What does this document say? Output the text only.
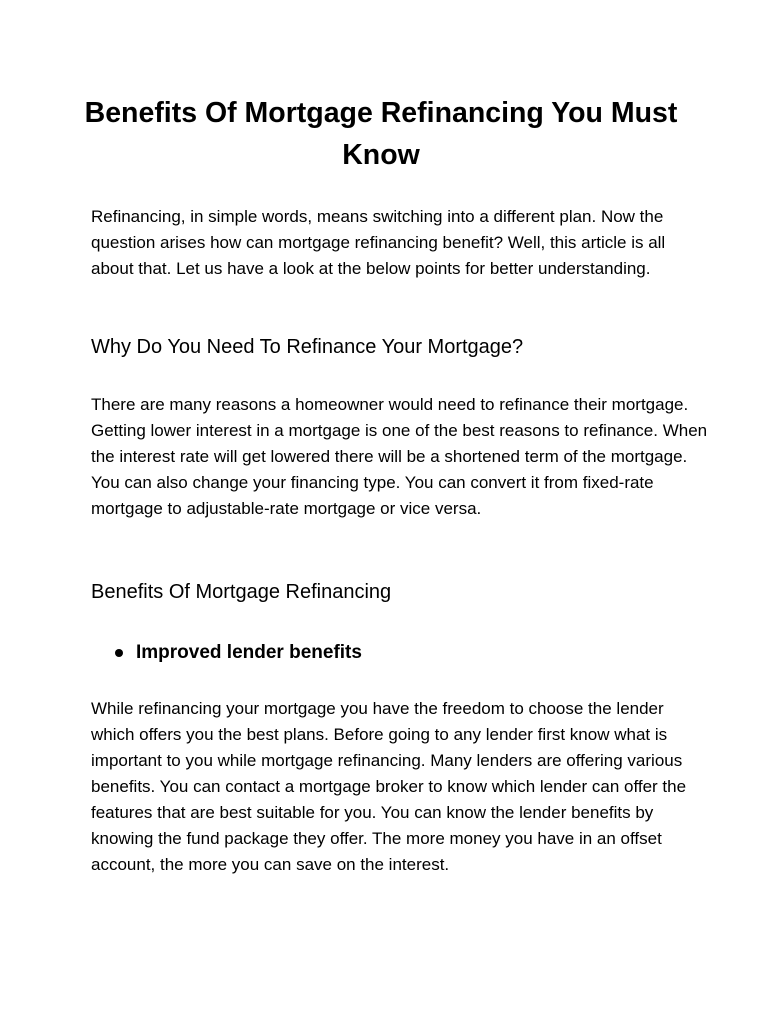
Benefits Of Mortgage Refinancing You Must Know

Refinancing, in simple words, means switching into a different plan. Now the question arises how can mortgage refinancing benefit? Well, this article is all about that. Let us have a look at the below points for better understanding.

Why Do You Need To Refinance Your Mortgage?

There are many reasons a homeowner would need to refinance their mortgage. Getting lower interest in a mortgage is one of the best reasons to refinance. When the interest rate will get lowered there will be a shortened term of the mortgage. You can also change your financing type. You can convert it from fixed-rate mortgage to adjustable-rate mortgage or vice versa.

Benefits Of Mortgage Refinancing
Improved lender benefits

While refinancing your mortgage you have the freedom to choose the lender which offers you the best plans. Before going to any lender first know what is important to you while mortgage refinancing. Many lenders are offering various benefits. You can contact a mortgage broker to know which lender can offer the features that are best suitable for you. You can know the lender benefits by knowing the fund package they offer. The more money you have in an offset account, the more you can save on the interest.
